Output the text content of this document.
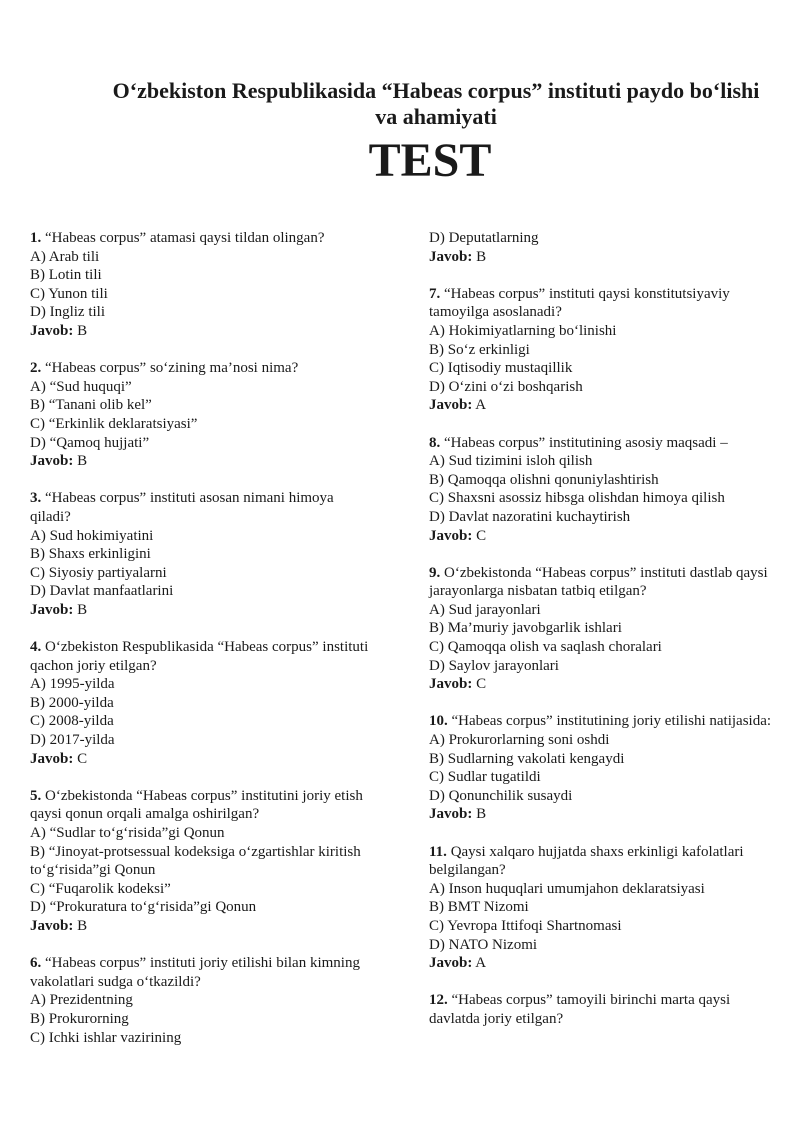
O‘zbekiston Respublikasida “Habeas corpus” instituti paydo bo‘lishi va ahamiyati
TEST
1. “Habeas corpus” atamasi qaysi tildan olingan?
A) Arab tili
B) Lotin tili
C) Yunon tili
D) Ingliz tili
Javob: B
2. “Habeas corpus” so‘zining ma’nosi nima?
A) “Sud huquqi”
B) “Tanani olib kel”
C) “Erkinlik deklaratsiyasi”
D) “Qamoq hujjati”
Javob: B
3. “Habeas corpus” instituti asosan nimani himoya qiladi?
A) Sud hokimiyatini
B) Shaxs erkinligini
C) Siyosiy partiyalarni
D) Davlat manfaatlarini
Javob: B
4. O‘zbekiston Respublikasida “Habeas corpus” instituti qachon joriy etilgan?
A) 1995-yilda
B) 2000-yilda
C) 2008-yilda
D) 2017-yilda
Javob: C
5. O‘zbekistonda “Habeas corpus” institutini joriy etish qaysi qonun orqali amalga oshirilgan?
A) “Sudlar to‘g‘risida”gi Qonun
B) “Jinoyat-protsessual kodeksiga o‘zgartishlar kiritish to‘g‘risida”gi Qonun
C) “Fuqarolik kodeksi”
D) “Prokuratura to‘g‘risida”gi Qonun
Javob: B
6. “Habeas corpus” instituti joriy etilishi bilan kimning vakolatlari sudga o‘tkazildi?
A) Prezidentning
B) Prokurorning
C) Ichki ishlar vazirining
D) Deputatlarning
Javob: B
7. “Habeas corpus” instituti qaysi konstitutsiyaviy tamoyilga asoslanadi?
A) Hokimiyatlarning bo‘linishi
B) So‘z erkinligi
C) Iqtisodiy mustaqillik
D) O‘zini o‘zi boshqarish
Javob: A
8. “Habeas corpus” institutining asosiy maqsadi –
A) Sud tizimini isloh qilish
B) Qamoqqa olishni qonuniylashtirish
C) Shaxsni asossiz hibsga olishdan himoya qilish
D) Davlat nazoratini kuchaytirish
Javob: C
9. O‘zbekistonda “Habeas corpus” instituti dastlab qaysi jarayonlarga nisbatan tatbiq etilgan?
A) Sud jarayonlari
B) Ma’muriy javobgarlik ishlari
C) Qamoqqa olish va saqlash choralari
D) Saylov jarayonlari
Javob: C
10. “Habeas corpus” institutining joriy etilishi natijasida:
A) Prokurorlarning soni oshdi
B) Sudlarning vakolati kengaydi
C) Sudlar tugatildi
D) Qonunchilik susaydi
Javob: B
11. Qaysi xalqaro hujjatda shaxs erkinligi kafolatlari belgilangan?
A) Inson huquqlari umumjahon deklaratsiyasi
B) BMT Nizomi
C) Yevropa Ittifoqi Shartnomasi
D) NATO Nizomi
Javob: A
12. “Habeas corpus” tamoyili birinchi marta qaysi davlatda joriy etilgan?
